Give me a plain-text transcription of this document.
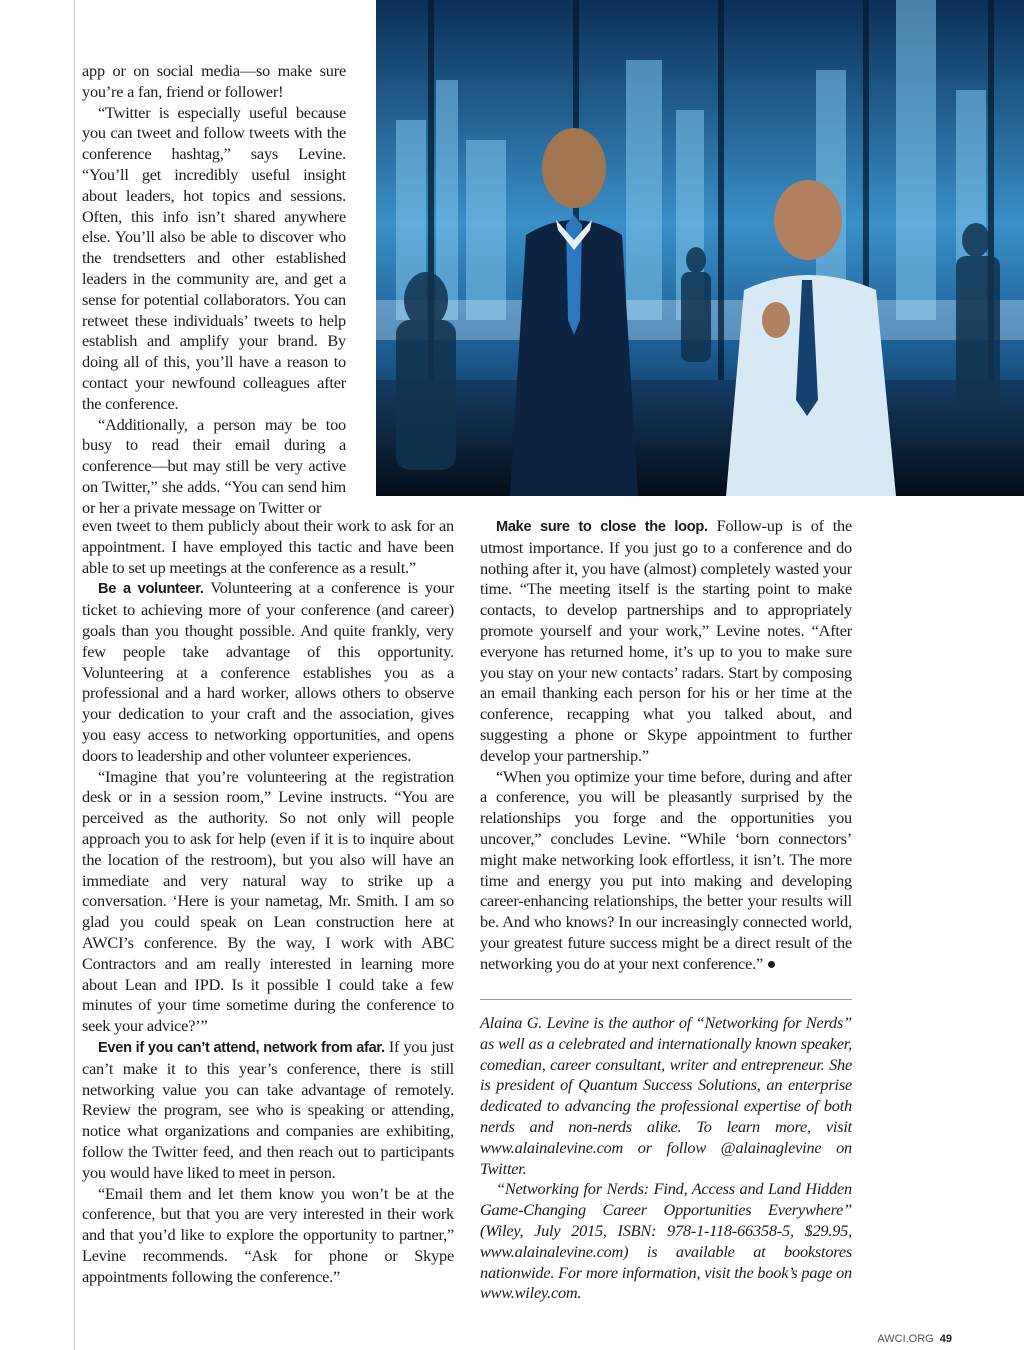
app or on social media—so make sure you’re a fan, friend or follower!

“Twitter is especially useful because you can tweet and follow tweets with the conference hashtag,” says Levine. “You’ll get incredibly useful insight about leaders, hot topics and sessions. Often, this info isn’t shared anywhere else. You’ll also be able to discover who the trendsetters and other established leaders in the community are, and get a sense for potential collaborators. You can retweet these individuals’ tweets to help establish and amplify your brand. By doing all of this, you’ll have a reason to contact your newfound colleagues after the conference.

“Additionally, a person may be too busy to read their email during a conference—but may still be very active on Twitter,” she adds. “You can send him or her a private message on Twitter or

even tweet to them publicly about their work to ask for an appointment. I have employed this tactic and have been able to set up meetings at the conference as a result.”

Be a volunteer. Volunteering at a conference is your ticket to achieving more of your conference (and career) goals than you thought possible. And quite frankly, very few people take advantage of this opportunity. Volunteering at a conference establishes you as a professional and a hard worker, allows others to observe your dedication to your craft and the association, gives you easy access to networking opportunities, and opens doors to leadership and other volunteer experiences.

“Imagine that you’re volunteering at the registration desk or in a session room,” Levine instructs. “You are perceived as the authority. So not only will people approach you to ask for help (even if it is to inquire about the location of the restroom), but you also will have an immediate and very natural way to strike up a conversation. ‘Here is your nametag, Mr. Smith. I am so glad you could speak on Lean construction here at AWCI’s conference. By the way, I work with ABC Contractors and am really interested in learning more about Lean and IPD. Is it possible I could take a few minutes of your time sometime during the conference to seek your advice?’”

Even if you can’t attend, network from afar. If you just can’t make it to this year’s conference, there is still networking value you can take advantage of remotely. Review the program, see who is speaking or attending, notice what organizations and companies are exhibiting, follow the Twitter feed, and then reach out to participants you would have liked to meet in person.

“Email them and let them know you won’t be at the conference, but that you are very interested in their work and that you’d like to explore the opportunity to partner,” Levine recommends. “Ask for phone or Skype appointments following the conference.”

Make sure to close the loop. Follow-up is of the utmost importance. If you just go to a conference and do nothing after it, you have (almost) completely wasted your time. “The meeting itself is the starting point to make contacts, to develop partnerships and to appropriately promote yourself and your work,” Levine notes. “After everyone has returned home, it’s up to you to make sure you stay on your new contacts’ radars. Start by composing an email thanking each person for his or her time at the conference, recapping what you talked about, and suggesting a phone or Skype appointment to further develop your partnership.”

“When you optimize your time before, during and after a conference, you will be pleasantly surprised by the relationships you forge and the opportunities you uncover,” concludes Levine. “While ‘born connectors’ might make networking look effortless, it isn’t. The more time and energy you put into making and developing career-enhancing relationships, the better your results will be. And who knows? In our increasingly connected world, your greatest future success might be a direct result of the networking you do at your next conference.”

Alaina G. Levine is the author of “Networking for Nerds” as well as a celebrated and internationally known speaker, comedian, career consultant, writer and entrepreneur. She is president of Quantum Success Solutions, an enterprise dedicated to advancing the professional expertise of both nerds and non-nerds alike. To learn more, visit www.alainalevine.com or follow @alainaglevine on Twitter.

“Networking for Nerds: Find, Access and Land Hidden Game-Changing Career Opportunities Everywhere” (Wiley, July 2015, ISBN: 978-1-118-66358-5, $29.95, www.alainalevine.com) is available at bookstores nationwide. For more information, visit the book’s page on www.wiley.com.

AWCI.ORG 49
